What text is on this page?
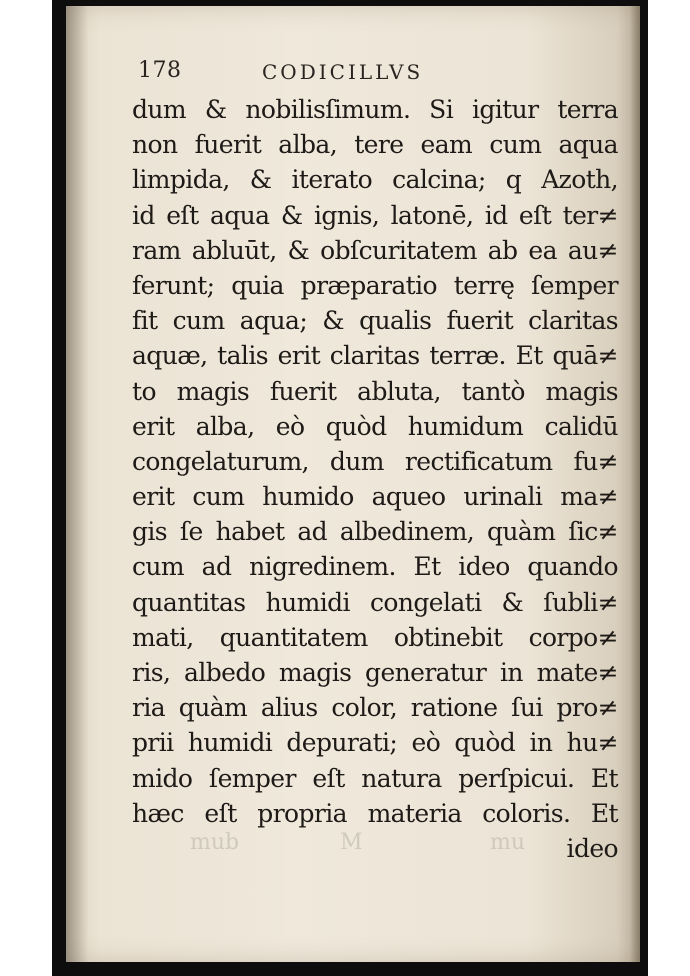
178	CODICILLVS
dum & nobilisſimum. Si igitur terra
non fuerit alba, tere eam cum aqua
limpida, & iterato calcina; q Azoth,
id eſt aqua & ignis, latonē, id eſt ter≠
ram abluūt, & obſcuritatem ab ea au≠
ferunt; quia præparatio terrę ſemper
fit cum aqua; & qualis fuerit claritas
aquæ, talis erit claritas terræ. Et quā≠
to magis fuerit abluta, tantò magis
erit alba, eò quòd humidum calidū
congelaturum, dum rectificatum fu≠
erit cum humido aqueo urinali ma≠
gis ſe habet ad albedinem, quàm ſic≠
cum ad nigredinem. Et ideo quando
quantitas humidi congelati & ſubli≠
mati, quantitatem obtinebit corpo≠
ris, albedo magis generatur in mate≠
ria quàm alius color, ratione ſui pro≠
prii humidi depurati; eò quòd in hu≠
mido ſemper eſt natura perſpicui. Et
hæc eſt propria materia coloris. Et
ideo
mub	M	mu
